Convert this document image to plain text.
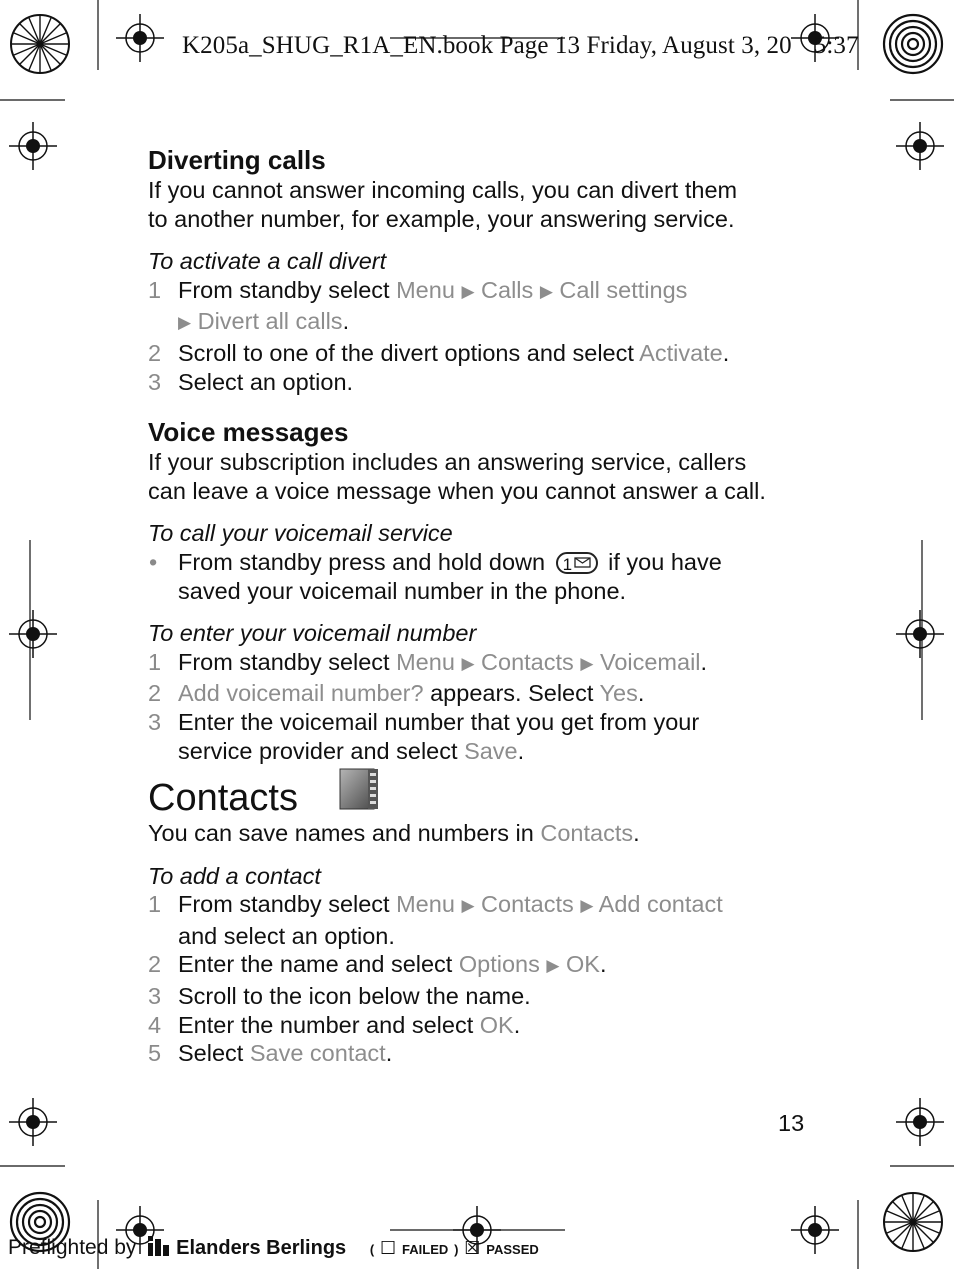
K205a_SHUG_R1A_EN.book Page 13 Friday, August 3, 20 5:37
Diverting calls

If you cannot answer incoming calls, you can divert them
to another number, for example, your answering service.

To activate a call divert

1 From standby select Menu ▶ Calls ▶ Call settings
▶ Divert all calls.
2 Scroll to one of the divert options and select Activate.
3 Select an option.
Voice messages

If your subscription includes an answering service, callers
can leave a voice message when you cannot answer a call.

To call your voicemail service

• From standby press and hold down 1 if you have
saved your voicemail number in the phone.

To enter your voicemail number

1 From standby select Menu ▶ Contacts ▶ Voicemail.
2 Add voicemail number? appears. Select Yes.
3 Enter the voicemail number that you get from your
service provider and select Save.
Contacts

You can save names and numbers in Contacts.

To add a contact

1 From standby select Menu ▶ Contacts ▶ Add contact
and select an option.
2 Enter the name and select Options ▶ OK.
3 Scroll to the icon below the name.
4 Enter the number and select OK.
5 Select Save contact.
13
Preflighted by Elanders Berlings ( ☐ FAILED ) ☒ PASSED
